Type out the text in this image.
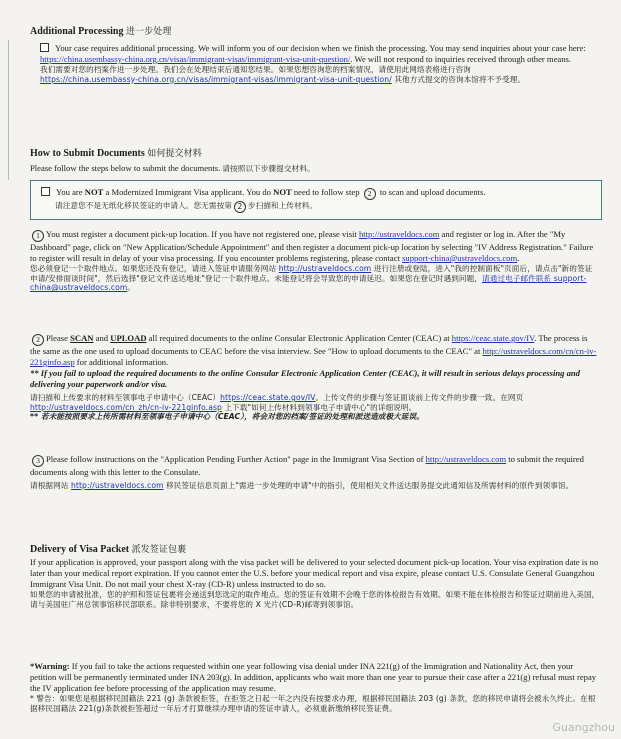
Additional Processing 进一步处理

Your case requires additional processing. We will inform you of our decision when we finish the processing. You may send inquiries about your case here: https://china.usembassy-china.org.cn/visas/immigrant-visas/immigrant-visa-unit-question/. We will not respond to inquiries received through other means.

我们需要对您的档案作进一步处理。我们会在处理结束后通知您结果。如果您想咨询您的档案情况，请使用此网络表格进行咨询

https://china.usembassy-china.org.cn/visas/immigrant-visas/immigrant-visa-unit-question/ 其他方式提交的咨询本馆将不予受理。

How to Submit Documents 如何提交材料
Please follow the steps below to submit the documents. 请按照以下步骤提交材料。

You are NOT a Modernized Immigrant Visa applicant. You do NOT need to follow step 2 to scan and upload documents.

请注意您不是无纸化移民签证的申请人。您无需按第 2 步扫描和上传材料。

1 You must register a document pick-up location. If you have not registered one, please visit http://ustraveldocs.com and register or log in. After the "My Dashboard" page, click on "New Application/Schedule Appointment" and then register a document pick-up location by selecting "IV Address Registration." Failure to register will result in delay of your visa processing. If you encounter problems registering, please contact support-china@ustraveldocs.com.

您必须登记一个取件地点。如果您还没有登记，请进入签证申请服务网站 http://ustraveldocs.com 进行注册或登陆，进入"我的控制面板"页面后，请点击"新的签证申请/安排面谈时间"，然后选择"登记文件送达地址"登记一个取件地点。未能登记将会导致您的申请延迟。如果您在登记时遇到问题，请通过电子邮件联系 support-china@ustraveldocs.com。

2 Please SCAN and UPLOAD all required documents to the online Consular Electronic Application Center (CEAC) at https://ceac.state.gov/IV. The process is the same as the one used to upload documents to CEAC before the visa interview. See "How to upload documents to the CEAC" at http://ustraveldocs.com/cn/cn-iv-221ginfo.asp for additional information.

** If you fail to upload the required documents to the online Consular Electronic Application Center (CEAC), it will result in serious delays processing and delivering your paperwork and/or visa.

请扫描和上传要求的材料至领事电子申请中心（CEAC）https://ceac.state.gov/IV。上传文件的步骤与签证面谈前上传文件的步骤一致。在网页 http://ustraveldocs.com/cn_zh/cn-iv-221ginfo.asp 上下载"如何上传材料到领事电子申请中心"的详细说明。

** 若未能按照要求上传所需材料至领事电子申请中心（CEAC），将会对您的档案/签证的处理和派送造成极大延误。

3 Please follow instructions on the "Application Pending Further Action" page in the Immigrant Visa Section of http://ustraveldocs.com to submit the required documents along with this letter to the Consulate.

请根据网站 http://ustraveldocs.com 移民签证信息页面上"需进一步处理的申请"中的指引，使用相关文件送达服务提交此通知信及所需材料的原件到领事馆。

Delivery of Visa Packet 派发签证包裹

If your application is approved, your passport along with the visa packet will be delivered to your selected document pick-up location. Your visa expiration date is no later than your medical report expiration. If you cannot enter the U.S. before your medical report and visa expire, please contact U.S. Consulate General Guangzhou Immigrant Visa Unit. Do not mail your chest X-ray (CD-R) unless instructed to do so.

如果您的申请被批准，您的护照和签证包裹将会递送到您选定的取件地点。您的签证有效期不会晚于您的体检报告有效期。如果不能在体检报告和签证过期前进入美国，请与美国驻广州总领事馆移民部联系。除非特别要求，不要将您的 X 光片(CD-R)邮寄到领事馆。

*Warning: If you fail to take the actions requested within one year following visa denial under INA 221(g) of the Immigration and Nationality Act, then your petition will be permanently terminated under INA 203(g). In addition, applicants who wait more than one year to pursue their case after a 221(g) refusal must repay the IV application fee before processing of the application may resume.

* 警告：如果您是根据移民国籍法 221 (g) 条款被拒签，在拒签之日起一年之内没有按要求办理，根据移民国籍法 203 (g) 条款，您的移民申请将会被永久终止。在根据移民国籍法 221(g)条款被拒签超过一年后才打算继续办理申请的签证申请人，必须重新缴纳移民签证费。

Guangzhou
